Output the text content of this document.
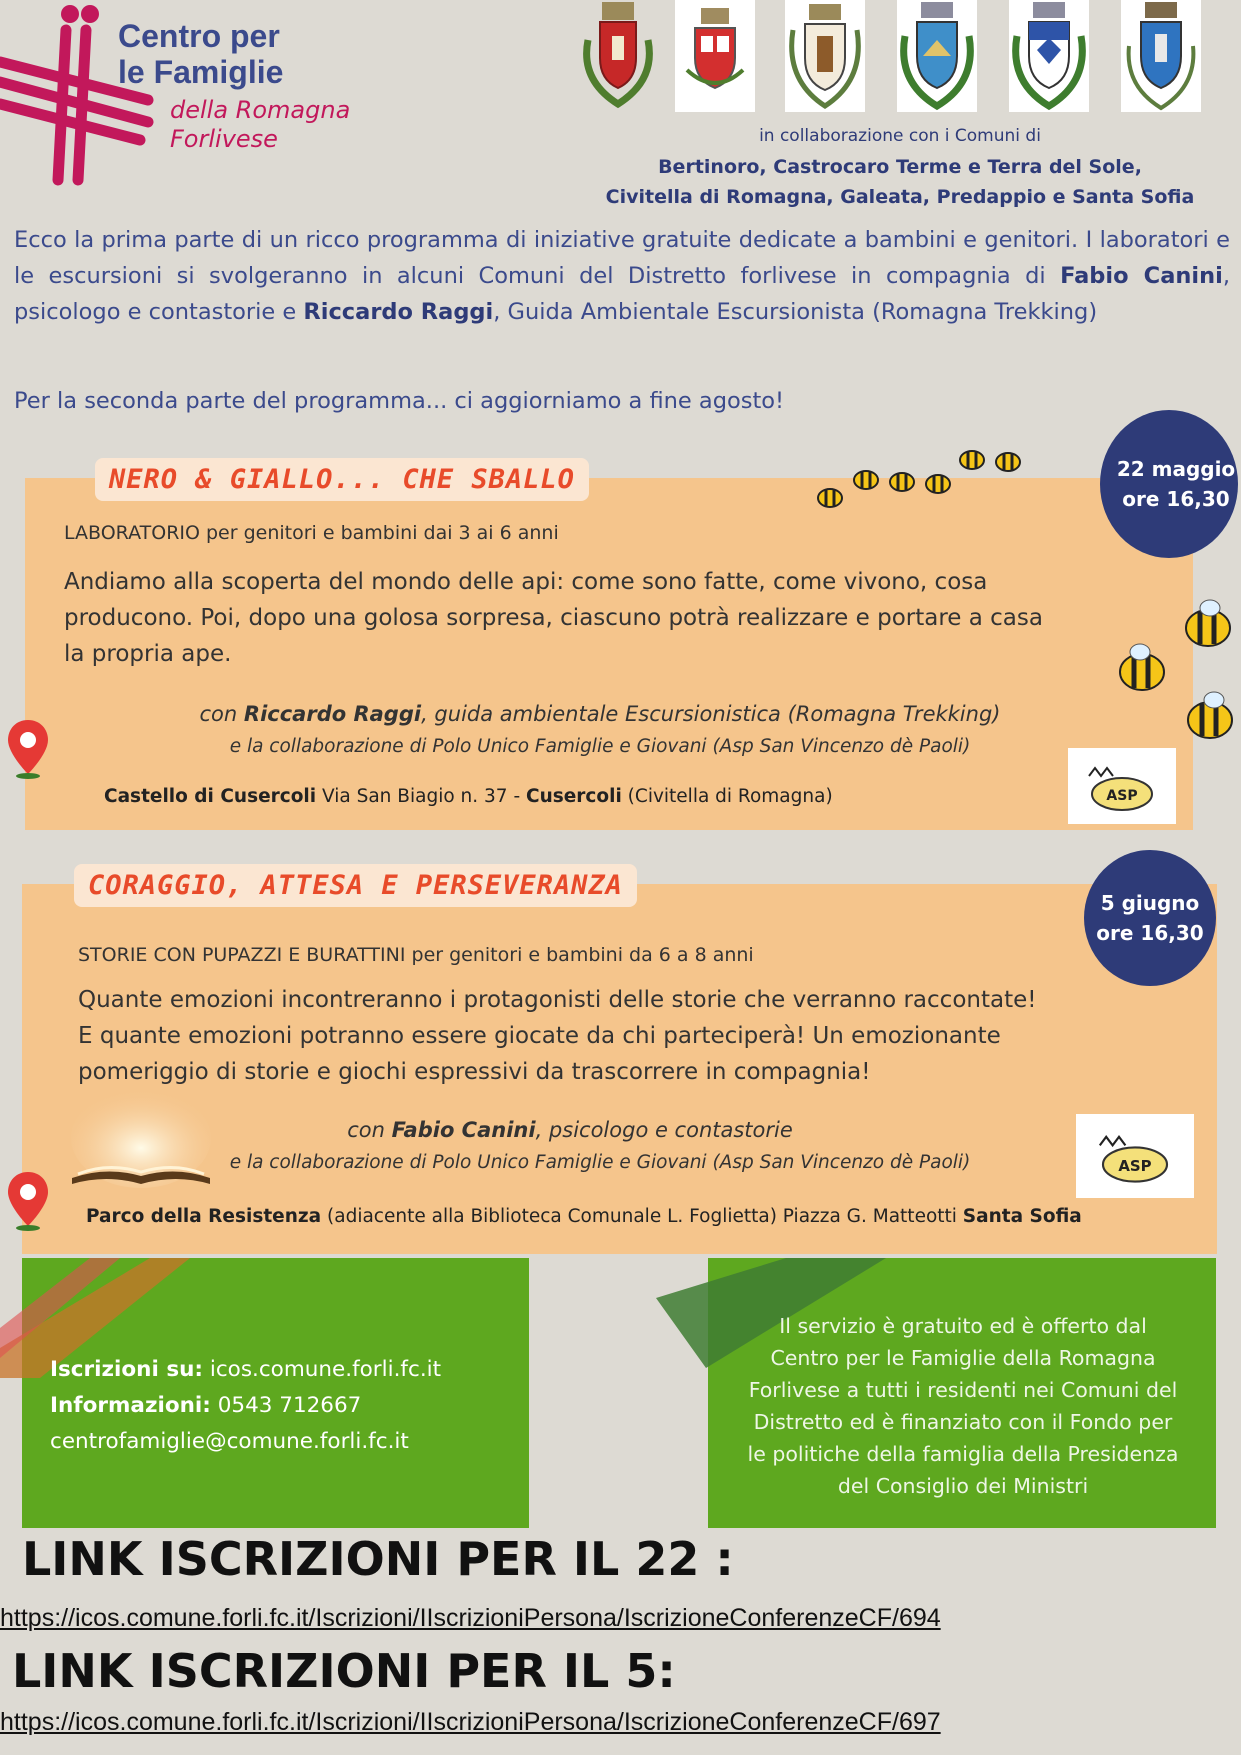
Centro per
le Famiglie
della Romagna
Forlivese	in collaborazione con i Comuni di
Bertinoro, Castrocaro Terme e Terra del Sole,
Civitella di Romagna, Galeata, Predappio e Santa Sofia
Ecco la prima parte di un ricco programma di iniziative gratuite dedicate a bambini e genitori. I laboratori e le escursioni si svolgeranno in alcuni Comuni del Distretto forlivese in compagnia di Fabio Canini, psicologo e contastorie e Riccardo Raggi, Guida Ambientale Escursionista (Romagna Trekking)
Per la seconda parte del programma... ci aggiorniamo a fine agosto!
NERO & GIALLO... CHE SBALLO	22 maggio
ore 16,30
LABORATORIO per genitori e bambini dai 3 ai 6 anni
Andiamo alla scoperta del mondo delle api: come sono fatte, come vivono, cosa
producono. Poi, dopo una golosa sorpresa, ciascuno potrà realizzare e portare a casa
la propria ape.
con Riccardo Raggi, guida ambientale Escursionistica (Romagna Trekking)
e la collaborazione di Polo Unico Famiglie e Giovani (Asp San Vincenzo dè Paoli)
Castello di Cusercoli Via San Biagio n. 37 - Cusercoli (Civitella di Romagna)	ASP
CORAGGIO, ATTESA E PERSEVERANZA
5 giugno
ore 16,30
STORIE CON PUPAZZI E BURATTINI per genitori e bambini da 6 a 8 anni
Quante emozioni incontreranno i protagonisti delle storie che verranno raccontate!
E quante emozioni potranno essere giocate da chi parteciperà! Un emozionante
pomeriggio di storie e giochi espressivi da trascorrere in compagnia!
con Fabio Canini, psicologo e contastorie
e la collaborazione di Polo Unico Famiglie e Giovani (Asp San Vincenzo dè Paoli)
Parco della Resistenza (adiacente alla Biblioteca Comunale L. Foglietta) Piazza G. Matteotti Santa Sofia
ASP
Iscrizioni su: icos.comune.forli.fc.it
Informazioni: 0543 712667
centrofamiglie@comune.forli.fc.it
Il servizio è gratuito ed è offerto dal
Centro per le Famiglie della Romagna
Forlivese a tutti i residenti nei Comuni del
Distretto ed è finanziato con il Fondo per
le politiche della famiglia della Presidenza
del Consiglio dei Ministri
LINK ISCRIZIONI PER IL 22 :
https://icos.comune.forli.fc.it/Iscrizioni/IIscrizioniPersona/IscrizioneConferenzeCF/694
LINK ISCRIZIONI PER IL 5:
https://icos.comune.forli.fc.it/Iscrizioni/IIscrizioniPersona/IscrizioneConferenzeCF/697
